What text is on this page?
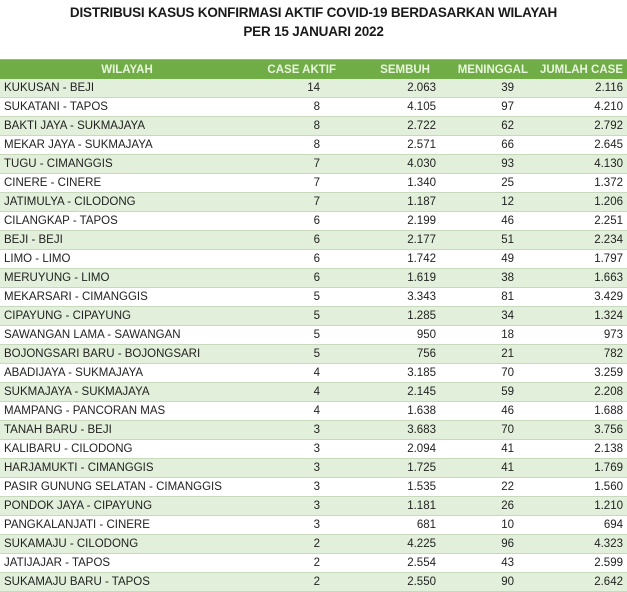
DISTRIBUSI KASUS KONFIRMASI AKTIF COVID-19 BERDASARKAN WILAYAH
PER 15 JANUARI 2022
WILAYAH	CASE AKTIF	SEMBUH	MENINGGAL	JUMLAH CASE
KUKUSAN - BEJI	14	2.063	39	2.116
SUKATANI - TAPOS	8	4.105	97	4.210
BAKTI JAYA - SUKMAJAYA	8	2.722	62	2.792
MEKAR JAYA - SUKMAJAYA	8	2.571	66	2.645
TUGU - CIMANGGIS	7	4.030	93	4.130
CINERE - CINERE	7	1.340	25	1.372
JATIMULYA - CILODONG	7	1.187	12	1.206
CILANGKAP - TAPOS	6	2.199	46	2.251
BEJI - BEJI	6	2.177	51	2.234
LIMO - LIMO	6	1.742	49	1.797
MERUYUNG - LIMO	6	1.619	38	1.663
MEKARSARI - CIMANGGIS	5	3.343	81	3.429
CIPAYUNG - CIPAYUNG	5	1.285	34	1.324
SAWANGAN LAMA - SAWANGAN	5	950	18	973
BOJONGSARI BARU - BOJONGSARI	5	756	21	782
ABADIJAYA - SUKMAJAYA	4	3.185	70	3.259
SUKMAJAYA - SUKMAJAYA	4	2.145	59	2.208
MAMPANG - PANCORAN MAS	4	1.638	46	1.688
TANAH BARU - BEJI	3	3.683	70	3.756
KALIBARU - CILODONG	3	2.094	41	2.138
HARJAMUKTI - CIMANGGIS	3	1.725	41	1.769
PASIR GUNUNG SELATAN - CIMANGGIS	3	1.535	22	1.560
PONDOK JAYA - CIPAYUNG	3	1.181	26	1.210
PANGKALANJATI - CINERE	3	681	10	694
SUKAMAJU - CILODONG	2	4.225	96	4.323
JATIJAJAR - TAPOS	2	2.554	43	2.599
SUKAMAJU BARU - TAPOS	2	2.550	90	2.642
